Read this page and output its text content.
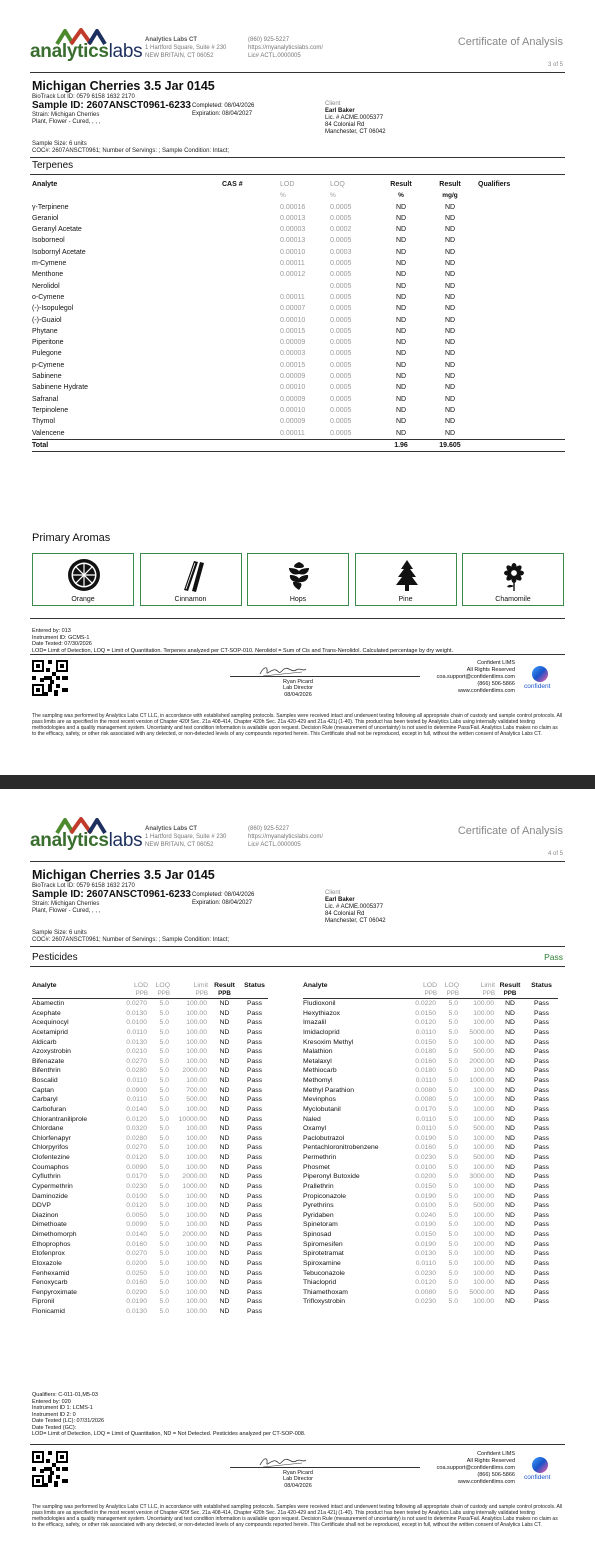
analyticslabs
Analytics Labs CT
1 Hartford Square, Suite # 230
NEW BRITAIN, CT 06052
(860) 925-5227
https://myanalyticslabs.com/
Lic# ACTL.0000005
Certificate of Analysis
3 of 5
Michigan Cherries 3.5 Jar 0145
BioTrack Lot ID: 0579 6158 1632 2170
Sample ID: 2607ANSCT0961-6233
Strain: Michigan Cherries
Plant, Flower - Cured, , , ,
Completed: 08/04/2026
Expiration: 08/04/2027
Client
Earl Baker
Lic. # ACME.0005377
84 Colonial Rd
Manchester, CT 06042
Sample Size: 6 units
COC#: 2607ANSCT0961; Number of Servings: ; Sample Condition: Intact;
Ryan Picard
Lab Director
08/04/2026
Confident LIMS
All Rights Reserved
coa.support@confidentlims.com
(866) 506-5866
www.confidentlims.com
confident
The sampling was performed by Analytics Labs CT LLC, in accordance with established sampling protocols. Samples were received intact and underwent testing following all appropriate chain of custody and sample control protocols. All pass limits are as specified in the most recent version of Chapter 420f Sec. 21a 408-414, Chapter 420h Sec. 21a 420-429 and 21a 421j (1-40). This product has been tested by Analytics Labs using internally validated testing methodologies and a quality management system. Uncertainty and test condition information is available upon request. Decision Rule (measurement of uncertainty) is not used to determine Pass/Fail. Analytics Labs makes no claim as to the efficacy, safety, or other risk associated with any detected, or non-detected levels of any compounds reported herein. This Certificate shall not be reproduced, except in full, without the written consent of Analytics Labs CT.
Terpenes
Analyte	CAS #	LOD	LOQ	Result	Result	Qualifiers
		%	%	%	mg/g	
γ-Terpinene		0.00016	0.0005	ND	ND	
Geraniol		0.00013	0.0005	ND	ND	
Geranyl Acetate		0.00003	0.0002	ND	ND	
Isoborneol		0.00013	0.0005	ND	ND	
Isobornyl Acetate		0.00010	0.0003	ND	ND	
m-Cymene		0.00011	0.0005	ND	ND	
Menthone		0.00012	0.0005	ND	ND	
Nerolidol			0.0005	ND	ND	
o-Cymene		0.00011	0.0005	ND	ND	
(-)-Isopulegol		0.00007	0.0005	ND	ND	
(-)-Guaiol		0.00010	0.0005	ND	ND	
Phytane		0.00015	0.0005	ND	ND	
Piperitone		0.00009	0.0005	ND	ND	
Pulegone		0.00003	0.0005	ND	ND	
p-Cymene		0.00015	0.0005	ND	ND	
Sabinene		0.00009	0.0005	ND	ND	
Sabinene Hydrate		0.00010	0.0005	ND	ND	
Safranal		0.00009	0.0005	ND	ND	
Terpinolene		0.00010	0.0005	ND	ND	
Thymol		0.00009	0.0005	ND	ND	
Valencene		0.00011	0.0005	ND	ND	
Total				1.96	19.605	
Primary Aromas
Orange	Cinnamon	Hops	Pine	Chamomile
Entered by: 013
Instrument ID: GCMS-1
Date Tested: 07/30/2026
LOD= Limit of Detection, LOQ = Limit of Quantitation. Terpenes analyzed per CT-SOP-010. Nerolidol = Sum of Cis and Trans-Nerolidol. Calculated percentage by dry weight.
analyticslabs
Analytics Labs CT
1 Hartford Square, Suite # 230
NEW BRITAIN, CT 06052
(860) 925-5227
https://myanalyticslabs.com/
Lic# ACTL.0000005
Certificate of Analysis
4 of 5
Michigan Cherries 3.5 Jar 0145
BioTrack Lot ID: 0579 6158 1632 2170
Sample ID: 2607ANSCT0961-6233
Strain: Michigan Cherries
Plant, Flower - Cured, , , ,
Completed: 08/04/2026
Expiration: 08/04/2027
Client
Earl Baker
Lic. # ACME.0005377
84 Colonial Rd
Manchester, CT 06042
Sample Size: 6 units
COC#: 2607ANSCT0961; Number of Servings: ; Sample Condition: Intact;
Ryan Picard
Lab Director
08/04/2026
Confident LIMS
All Rights Reserved
coa.support@confidentlims.com
(866) 506-5866
www.confidentlims.com
confident
The sampling was performed by Analytics Labs CT LLC, in accordance with established sampling protocols. Samples were received intact and underwent testing following all appropriate chain of custody and sample control protocols. All pass limits are as specified in the most recent version of Chapter 420f Sec. 21a 408-414, Chapter 420h Sec. 21a 420-429 and 21a 421j (1-40). This product has been tested by Analytics Labs using internally validated testing methodologies and a quality management system. Uncertainty and test condition information is available upon request. Decision Rule (measurement of uncertainty) is not used to determine Pass/Fail. Analytics Labs makes no claim as to the efficacy, safety, or other risk associated with any detected, or non-detected levels of any compounds reported herein. This Certificate shall not be reproduced, except in full, without the written consent of Analytics Labs CT.
Pesticides	Pass
Analyte	LOD	LOQ	Limit	Result	Status
	PPB	PPB	PPB	PPB	
Abamectin	0.0270	5.0	100.00	ND	Pass
Acephate	0.0130	5.0	100.00	ND	Pass
Acequinocyl	0.0100	5.0	100.00	ND	Pass
Acetamiprid	0.0110	5.0	100.00	ND	Pass
Aldicarb	0.0130	5.0	100.00	ND	Pass
Azoxystrobin	0.0210	5.0	100.00	ND	Pass
Bifenazate	0.0270	5.0	100.00	ND	Pass
Bifenthrin	0.0280	5.0	2000.00	ND	Pass
Boscalid	0.0110	5.0	100.00	ND	Pass
Captan	0.0900	5.0	700.00	ND	Pass
Carbaryl	0.0110	5.0	500.00	ND	Pass
Carbofuran	0.0140	5.0	100.00	ND	Pass
Chlorantraniliprole	0.0120	5.0	10000.00	ND	Pass
Chlordane	0.0320	5.0	100.00	ND	Pass
Chlorfenapyr	0.0280	5.0	100.00	ND	Pass
Chlorpyrifos	0.0270	5.0	100.00	ND	Pass
Clofentezine	0.0120	5.0	100.00	ND	Pass
Coumaphos	0.0090	5.0	100.00	ND	Pass
Cyfluthrin	0.0170	5.0	2000.00	ND	Pass
Cypermethrin	0.0230	5.0	1000.00	ND	Pass
Daminozide	0.0100	5.0	100.00	ND	Pass
DDVP	0.0120	5.0	100.00	ND	Pass
Diazinon	0.0050	5.0	100.00	ND	Pass
Dimethoate	0.0090	5.0	100.00	ND	Pass
Dimethomorph	0.0140	5.0	2000.00	ND	Pass
Ethoprophos	0.0160	5.0	100.00	ND	Pass
Etofenprox	0.0270	5.0	100.00	ND	Pass
Etoxazole	0.0200	5.0	100.00	ND	Pass
Fenhexamid	0.0250	5.0	100.00	ND	Pass
Fenoxycarb	0.0160	5.0	100.00	ND	Pass
Fenpyroximate	0.0290	5.0	100.00	ND	Pass
Fipronil	0.0190	5.0	100.00	ND	Pass
Flonicamid	0.0130	5.0	100.00	ND	Pass
Analyte	LOD	LOQ	Limit	Result	Status
	PPB	PPB	PPB	PPB	
Fludioxonil	0.0220	5.0	100.00	ND	Pass
Hexythiazox	0.0150	5.0	100.00	ND	Pass
Imazalil	0.0120	5.0	100.00	ND	Pass
Imidacloprid	0.0110	5.0	5000.00	ND	Pass
Kresoxim Methyl	0.0150	5.0	100.00	ND	Pass
Malathion	0.0180	5.0	500.00	ND	Pass
Metalaxyl	0.0160	5.0	2000.00	ND	Pass
Methiocarb	0.0180	5.0	100.00	ND	Pass
Methomyl	0.0110	5.0	1000.00	ND	Pass
Methyl Parathion	0.0080	5.0	100.00	ND	Pass
Mevinphos	0.0080	5.0	100.00	ND	Pass
Myclobutanil	0.0170	5.0	100.00	ND	Pass
Naled	0.0110	5.0	100.00	ND	Pass
Oxamyl	0.0110	5.0	500.00	ND	Pass
Paclobutrazol	0.0190	5.0	100.00	ND	Pass
Pentachloronitrobenzene	0.0160	5.0	100.00	ND	Pass
Permethrin	0.0230	5.0	500.00	ND	Pass
Phosmet	0.0100	5.0	100.00	ND	Pass
Piperonyl Butoxide	0.0200	5.0	3000.00	ND	Pass
Prallethrin	0.0150	5.0	100.00	ND	Pass
Propiconazole	0.0190	5.0	100.00	ND	Pass
Pyrethrins	0.0100	5.0	500.00	ND	Pass
Pyridaben	0.0240	5.0	100.00	ND	Pass
Spinetoram	0.0190	5.0	100.00	ND	Pass
Spinosad	0.0150	5.0	100.00	ND	Pass
Spiromesifen	0.0190	5.0	100.00	ND	Pass
Spirotetramat	0.0130	5.0	100.00	ND	Pass
Spiroxamine	0.0110	5.0	100.00	ND	Pass
Tebuconazole	0.0230	5.0	100.00	ND	Pass
Thiacloprid	0.0120	5.0	100.00	ND	Pass
Thiamethoxam	0.0080	5.0	5000.00	ND	Pass
Trifloxystrobin	0.0230	5.0	100.00	ND	Pass
Qualifiers: C-011-01,M5-03
Entered by: 020
Instrument ID 1: LCMS-1
Instrument ID 2: 0
Date Tested (LC): 07/31/2026
Date Tested (GC):
LOD= Limit of Detection, LOQ = Limit of Quantitation, ND = Not Detected. Pesticides analyzed per CT-SOP-008.
